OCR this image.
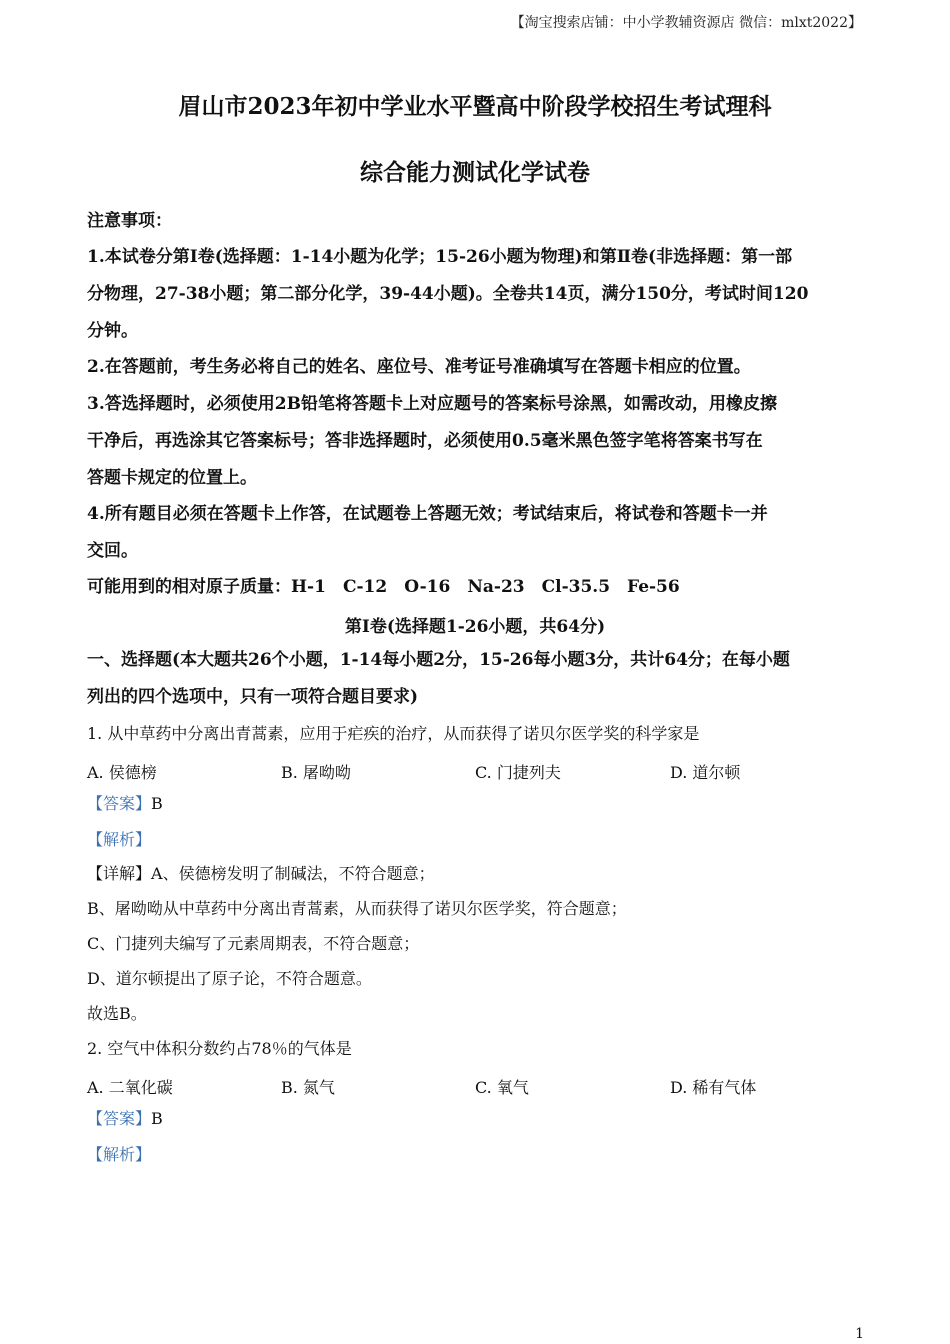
【淘宝搜索店铺：中小学教辅资源店 微信：mlxt2022】
眉山市2023年初中学业水平暨高中阶段学校招生考试理科
综合能力测试化学试卷
注意事项：
1.本试卷分第Ⅰ卷(选择题：1-14小题为化学；15-26小题为物理)和第Ⅱ卷(非选择题：第一部
分物理，27-38小题；第二部分化学，39-44小题)。全卷共14页，满分150分，考试时间120
分钟。
2.在答题前，考生务必将自己的姓名、座位号、准考证号准确填写在答题卡相应的位置。
3.答选择题时，必须使用2B铅笔将答题卡上对应题号的答案标号涂黑，如需改动，用橡皮擦
干净后，再选涂其它答案标号；答非选择题时，必须使用0.5毫米黑色签字笔将答案书写在
答题卡规定的位置上。
4.所有题目必须在答题卡上作答，在试题卷上答题无效；考试结束后，将试卷和答题卡一并
交回。
可能用到的相对原子质量：H-1　C-12　O-16　Na-23　Cl-35.5　Fe-56
第Ⅰ卷(选择题1-26小题，共64分)
一、选择题(本大题共26个小题，1-14每小题2分，15-26每小题3分，共计64分；在每小题
列出的四个选项中，只有一项符合题目要求)
1. 从中草药中分离出青蒿素，应用于疟疾的治疗，从而获得了诺贝尔医学奖的科学家是
A. 侯德榜	B. 屠呦呦	C. 门捷列夫	D. 道尔顿
【答案】B
【解析】
【详解】A、侯德榜发明了制碱法，不符合题意；
B、屠呦呦从中草药中分离出青蒿素，从而获得了诺贝尔医学奖，符合题意；
C、门捷列夫编写了元素周期表，不符合题意；
D、道尔顿提出了原子论，不符合题意。
故选B。
2. 空气中体积分数约占78％的气体是
A. 二氧化碳	B. 氮气	C. 氧气	D. 稀有气体
【答案】B
【解析】
1
